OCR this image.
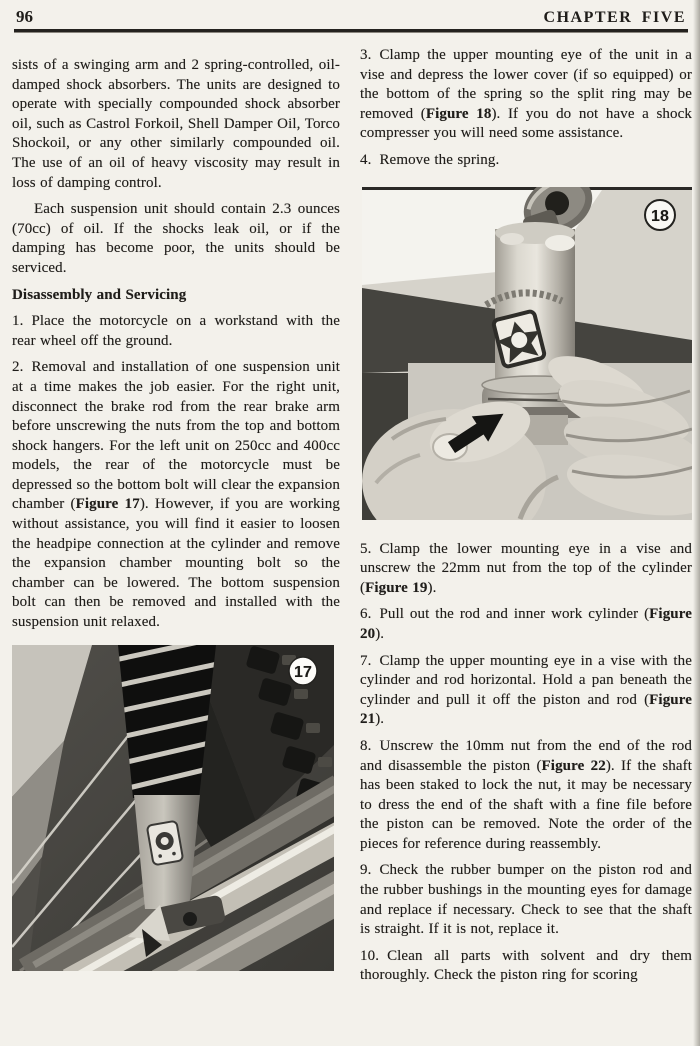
96	CHAPTER FIVE

sists of a swinging arm and 2 spring-controlled, oil-damped shock absorbers. The units are designed to operate with specially compounded shock absorber oil, such as Castrol Forkoil, Shell Damper Oil, Torco Shockoil, or any other similarly compounded oil. The use of an oil of heavy viscosity may result in loss of damping control.

Each suspension unit should contain 2.3 ounces (70cc) of oil. If the shocks leak oil, or if the damping has become poor, the units should be serviced.

Disassembly and Servicing

1. Place the motorcycle on a workstand with the rear wheel off the ground.

2. Removal and installation of one suspension unit at a time makes the job easier. For the right unit, disconnect the brake rod from the rear brake arm before unscrewing the nuts from the top and bottom shock hangers. For the left unit on 250cc and 400cc models, the rear of the motorcycle must be depressed so the bottom bolt will clear the expansion chamber (Figure 17). However, if you are working without assistance, you will find it easier to loosen the headpipe connection at the cylinder and remove the expansion chamber mounting bolt so the chamber can be lowered. The bottom suspension bolt can then be removed and installed with the suspension unit relaxed.

17

3. Clamp the upper mounting eye of the unit in a vise and depress the lower cover (if so equipped) or the bottom of the spring so the split ring may be removed (Figure 18). If you do not have a shock compresser you will need some assistance.

4. Remove the spring.

18

5. Clamp the lower mounting eye in a vise and unscrew the 22mm nut from the top of the cylinder (Figure 19).

6. Pull out the rod and inner work cylinder (Figure 20).

7. Clamp the upper mounting eye in a vise with the cylinder and rod horizontal. Hold a pan beneath the cylinder and pull it off the piston and rod (Figure 21).

8. Unscrew the 10mm nut from the end of the rod and disassemble the piston (Figure 22). If the shaft has been staked to lock the nut, it may be necessary to dress the end of the shaft with a fine file before the piston can be removed. Note the order of the pieces for reference during reassembly.

9. Check the rubber bumper on the piston rod and the rubber bushings in the mounting eyes for damage and replace if necessary. Check to see that the shaft is straight. If it is not, replace it.

10. Clean all parts with solvent and dry them thoroughly. Check the piston ring for scoring
